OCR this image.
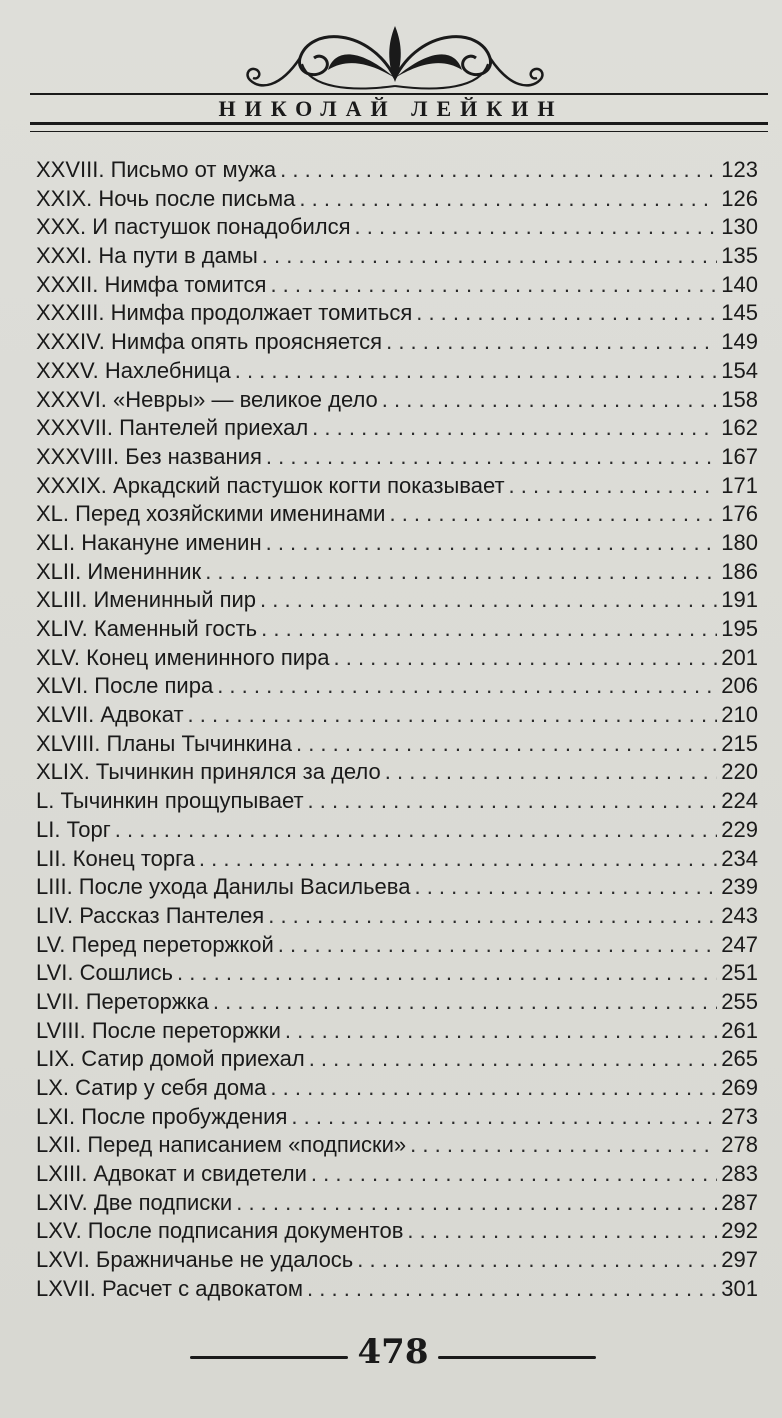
НИКОЛАЙ ЛЕЙКИН
XXVIII. Письмо от мужа . . .	123
XXIX. Ночь после письма . . .	126
XXX. И пастушок понадобился . . .	130
XXXI. На пути в дамы . . .	135
XXXII. Нимфа томится . . .	140
XXXIII. Нимфа продолжает томиться . . .	145
XXXIV. Нимфа опять проясняется . . .	149
XXXV. Нахлебница . . .	154
XXXVI. «Невры» — великое дело . . .	158
XXXVII. Пантелей приехал . . .	162
XXXVIII. Без названия . . .	167
XXXIX. Аркадский пастушок когти показывает . . .	171
XL. Перед хозяйскими именинами . . .	176
XLI. Накануне именин . . .	180
XLII. Именинник . . .	186
XLIII. Именинный пир . . .	191
XLIV. Каменный гость . . .	195
XLV. Конец именинного пира . . .	201
XLVI. После пира . . .	206
XLVII. Адвокат . . .	210
XLVIII. Планы Тычинкина . . .	215
XLIX. Тычинкин принялся за дело . . .	220
L. Тычинкин прощупывает . . .	224
LI. Торг . . .	229
LII. Конец торга . . .	234
LIII. После ухода Данилы Васильева . . .	239
LIV. Рассказ Пантелея . . .	243
LV. Перед переторжкой . . .	247
LVI. Сошлись . . .	251
LVII. Переторжка . . .	255
LVIII. После переторжки . . .	261
LIX. Сатир домой приехал . . .	265
LX. Сатир у себя дома . . .	269
LXI. После пробуждения . . .	273
LXII. Перед написанием «подписки» . . .	278
LXIII. Адвокат и свидетели . . .	283
LXIV. Две подписки . . .	287
LXV. После подписания документов . . .	292
LXVI. Бражничанье не удалось . . .	297
LXVII. Расчет с адвокатом . . .	301
478
